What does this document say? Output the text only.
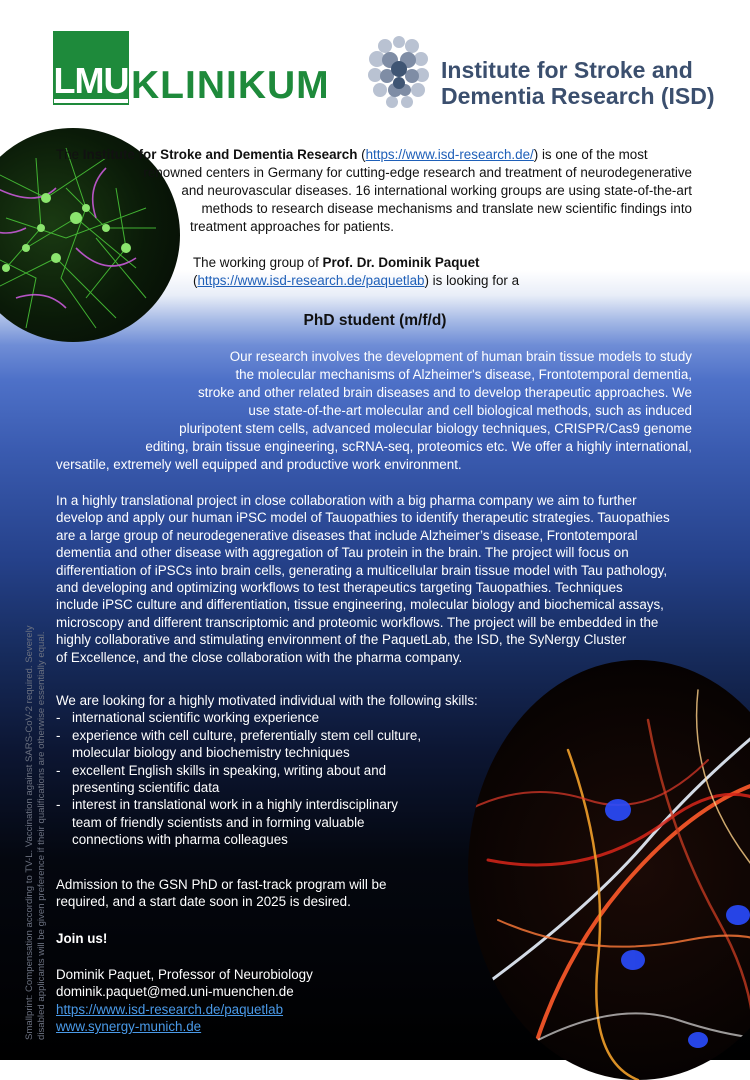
LMU KLINIKUM	Institute for Stroke and
Dementia Research (ISD)
The Institute for Stroke and Dementia Research (https://www.isd-research.de/) is one of the most
renowned centers in Germany for cutting-edge research and treatment of neurodegenerative
and neurovascular diseases. 16 international working groups are using state-of-the-art
methods to research disease mechanisms and translate new scientific findings into
treatment approaches for patients.
The working group of Prof. Dr. Dominik Paquet
(https://www.isd-research.de/paquetlab) is looking for a
PhD student (m/f/d)
Our research involves the development of human brain tissue models to study
the molecular mechanisms of Alzheimer's disease, Frontotemporal dementia,
stroke and other related brain diseases and to develop therapeutic approaches. We
use state-of-the-art molecular and cell biological methods, such as induced
pluripotent stem cells, advanced molecular biology techniques, CRISPR/Cas9 genome
editing, brain tissue engineering, scRNA-seq, proteomics etc. We offer a highly international,
versatile, extremely well equipped and productive work environment.
In a highly translational project in close collaboration with a big pharma company we aim to further
develop and apply our human iPSC model of Tauopathies to identify therapeutic strategies. Tauopathies
are a large group of neurodegenerative diseases that include Alzheimer’s disease, Frontotemporal
dementia and other disease with aggregation of Tau protein in the brain. The project will focus on
differentiation of iPSCs into brain cells, generating a multicellular brain tissue model with Tau pathology,
and developing and optimizing workflows to test therapeutics targeting Tauopathies. Techniques
include iPSC culture and differentiation, tissue engineering, molecular biology and biochemical assays,
microscopy and different transcriptomic and proteomic workflows. The project will be embedded in the
highly collaborative and stimulating environment of the PaquetLab, the ISD, the SyNergy Cluster
of Excellence, and the close collaboration with the pharma company.
We are looking for a highly motivated individual with the following skills:
- international scientific working experience
- experience with cell culture, preferentially stem cell culture,
molecular biology and biochemistry techniques
- excellent English skills in speaking, writing about and
presenting scientific data
- interest in translational work in a highly interdisciplinary
team of friendly scientists and in forming valuable
connections with pharma colleagues
Admission to the GSN PhD or fast-track program will be
required, and a start date soon in 2025 is desired.
Join us!
Dominik Paquet, Professor of Neurobiology
dominik.paquet@med.uni-muenchen.de
https://www.isd-research.de/paquetlab
www.synergy-munich.de
Smallprint: Compensation according to TV-L. Vaccination against SARS-CoV-2 required. Severely disabled applicants will be given preference if their qualifications are otherwise essentially equal.
